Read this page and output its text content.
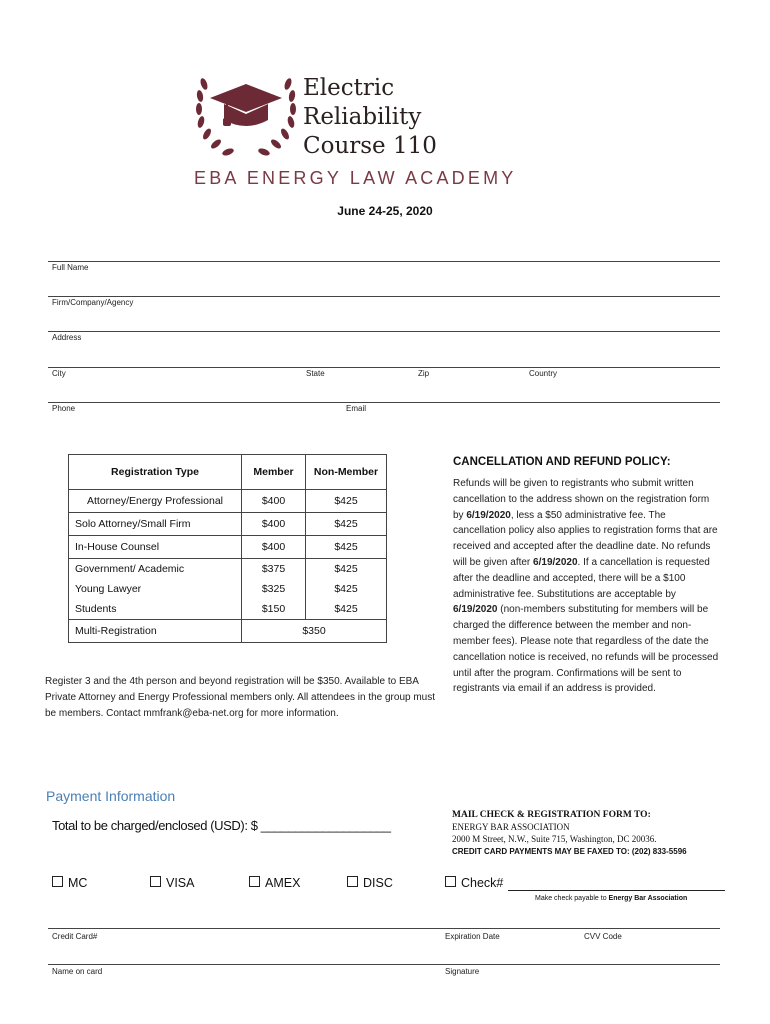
Electric
Reliability
Course 110
EBA ENERGY LAW ACADEMY
June 24-25, 2020
Full Name
Firm/Company/Agency
Address
City	State	Zip	Country
Phone	Email
Registration Type	Member	Non-Member
Attorney/Energy Professional	$400	$425
Solo Attorney/Small Firm	$400	$425
In-House Counsel	$400	$425
Government/ Academic	$375	$425
Young Lawyer	$325	$425
Students	$150	$425
Multi-Registration	$350	
Register 3 and the 4th person and beyond registration will be $350. Available to EBA Private Attorney and Energy Professional members only. All attendees in the group must be members. Contact mmfrank@eba-net.org for more information.
CANCELLATION AND REFUND POLICY:
Refunds will be given to registrants who submit written cancellation to the address shown on the registration form by 6/19/2020, less a $50 administrative fee. The cancellation policy also applies to registration forms that are received and accepted after the deadline date. No refunds will be given after 6/19/2020. If a cancellation is requested after the deadline and accepted, there will be a $100 administrative fee. Substitutions are acceptable by 6/19/2020 (non-members substituting for members will be charged the difference between the member and non-member fees). Please note that regardless of the date the cancellation notice is received, no refunds will be processed until after the program. Confirmations will be sent to registrants via email if an address is provided.
Payment Information
Total to be charged/enclosed (USD): $ ___________________
MAIL CHECK & REGISTRATION FORM TO:
ENERGY BAR ASSOCIATION
2000 M Street, N.W., Suite 715, Washington, DC 20036.
CREDIT CARD PAYMENTS MAY BE FAXED TO: (202) 833-5596
MC	VISA	AMEX	DISC	Check#
Make check payable to Energy Bar Association
Credit Card#	Expiration Date	CVV Code
Name on card	Signature
